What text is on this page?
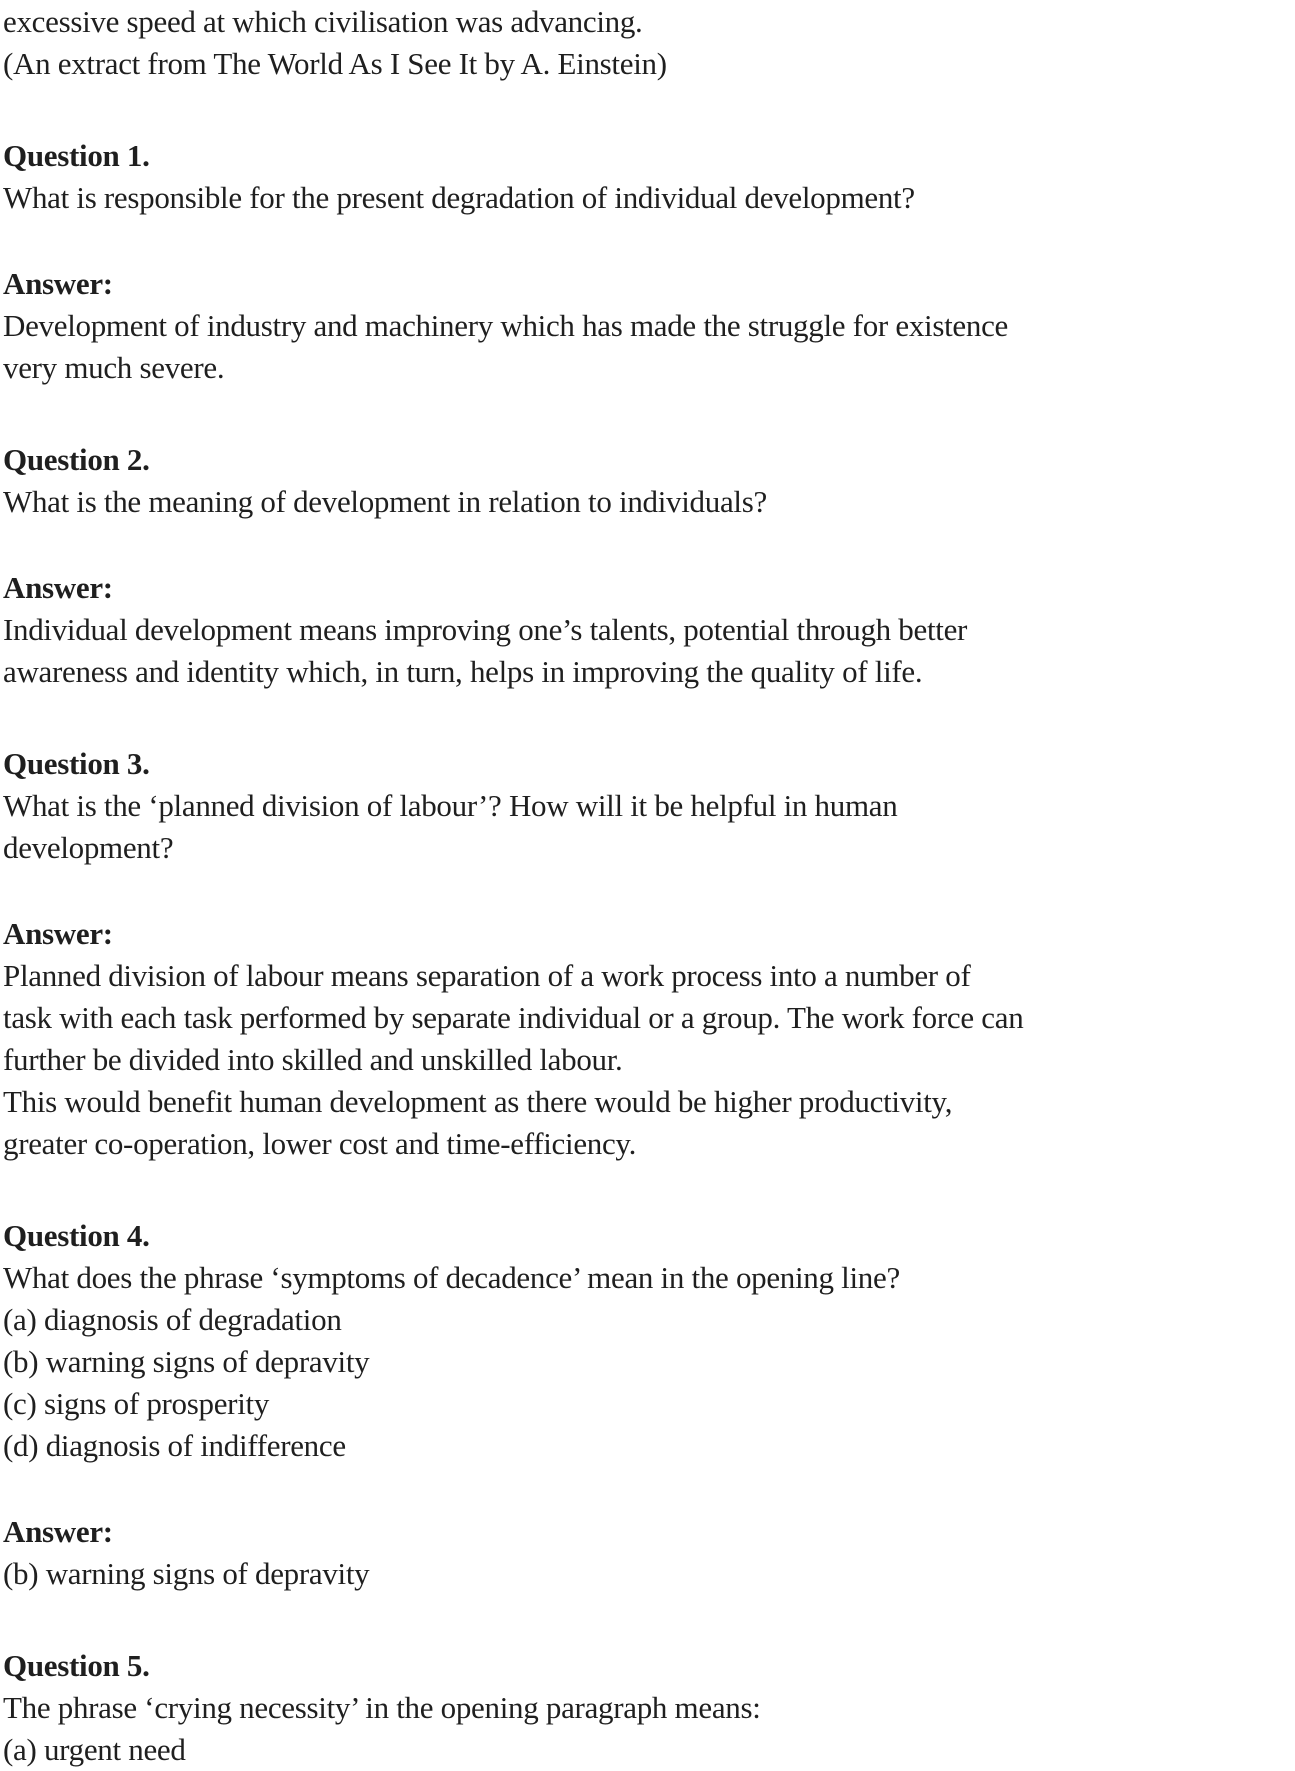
excessive speed at which civilisation was advancing.

(An extract from The World As I See It by A. Einstein)

Question 1.

What is responsible for the present degradation of individual development?

Answer:

Development of industry and machinery which has made the struggle for existence

very much severe.

Question 2.

What is the meaning of development in relation to individuals?

Answer:

Individual development means improving one’s talents, potential through better

awareness and identity which, in turn, helps in improving the quality of life.

Question 3.

What is the ‘planned division of labour’? How will it be helpful in human

development?

Answer:

Planned division of labour means separation of a work process into a number of

task with each task performed by separate individual or a group. The work force can

further be divided into skilled and unskilled labour.

This would benefit human development as there would be higher productivity,

greater co-operation, lower cost and time-efficiency.

Question 4.

What does the phrase ‘symptoms of decadence’ mean in the opening line?

(a) diagnosis of degradation

(b) warning signs of depravity

(c) signs of prosperity

(d) diagnosis of indifference

Answer:

(b) warning signs of depravity

Question 5.

The phrase ‘crying necessity’ in the opening paragraph means:

(a) urgent need
